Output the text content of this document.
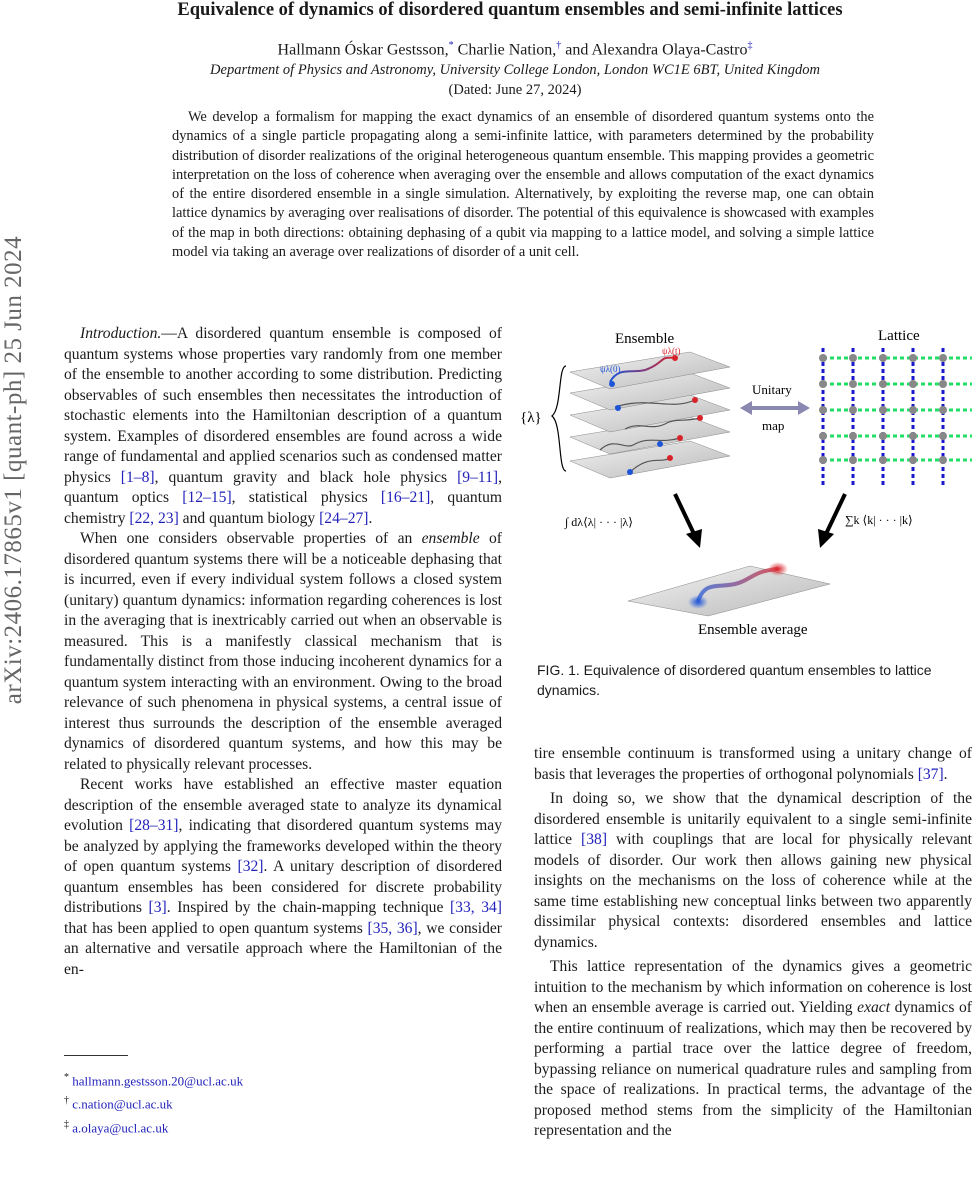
arXiv:2406.17865v1 [quant-ph] 25 Jun 2024
Equivalence of dynamics of disordered quantum ensembles and semi-infinite lattices
Hallmann Óskar Gestsson,* Charlie Nation,† and Alexandra Olaya-Castro‡
Department of Physics and Astronomy, University College London, London WC1E 6BT, United Kingdom
(Dated: June 27, 2024)
We develop a formalism for mapping the exact dynamics of an ensemble of disordered quantum systems onto the dynamics of a single particle propagating along a semi-infinite lattice, with parameters determined by the probability distribution of disorder realizations of the original heterogeneous quantum ensemble. This mapping provides a geometric interpretation on the loss of coherence when averaging over the ensemble and allows computation of the exact dynamics of the entire disordered ensemble in a single simulation. Alternatively, by exploiting the reverse map, one can obtain lattice dynamics by averaging over realisations of disorder. The potential of this equivalence is showcased with examples of the map in both directions: obtaining dephasing of a qubit via mapping to a lattice model, and solving a simple lattice model via taking an average over realizations of disorder of a unit cell.

Introduction.—A disordered quantum ensemble is composed of quantum systems whose properties vary randomly from one member of the ensemble to another according to some distribution. Predicting observables of such ensembles then necessitates the introduction of stochastic elements into the Hamiltonian description of a quantum system. Examples of disordered ensembles are found across a wide range of fundamental and applied scenarios such as condensed matter physics [1–8], quantum gravity and black hole physics [9–11], quantum optics [12–15], statistical physics [16–21], quantum chemistry [22, 23] and quantum biology [24–27].

When one considers observable properties of an ensemble of disordered quantum systems there will be a noticeable dephasing that is incurred, even if every individual system follows a closed system (unitary) quantum dynamics: information regarding coherences is lost in the averaging that is inextricably carried out when an observable is measured. This is a manifestly classical mechanism that is fundamentally distinct from those inducing incoherent dynamics for a quantum system interacting with an environment. Owing to the broad relevance of such phenomena in physical systems, a central issue of interest thus surrounds the description of the ensemble averaged dynamics of disordered quantum systems, and how this may be related to physically relevant processes.

Recent works have established an effective master equation description of the ensemble averaged state to analyze its dynamical evolution [28–31], indicating that disordered quantum systems may be analyzed by applying the frameworks developed within the theory of open quantum systems [32]. A unitary description of disordered quantum ensembles has been considered for discrete probability distributions [3]. Inspired by the chain-mapping technique [33, 34] that has been applied to open quantum systems [35, 36], we consider an alternative and versatile approach where the Hamiltonian of the en-

* hallmann.gestsson.20@ucl.ac.uk
† c.nation@ucl.ac.uk
‡ a.olaya@ucl.ac.uk
Ensemble	Lattice
ψλ(t)
ψλ(0)
{λ}
Unitary
map
∫ dλ⟨λ| · · · |λ⟩	∑k ⟨k| · · · |k⟩
Ensemble average
FIG. 1. Equivalence of disordered quantum ensembles to lattice dynamics.

tire ensemble continuum is transformed using a unitary change of basis that leverages the properties of orthogonal polynomials [37].

In doing so, we show that the dynamical description of the disordered ensemble is unitarily equivalent to a single semi-infinite lattice [38] with couplings that are local for physically relevant models of disorder. Our work then allows gaining new physical insights on the mechanisms on the loss of coherence while at the same time establishing new conceptual links between two apparently dissimilar physical contexts: disordered ensembles and lattice dynamics.

This lattice representation of the dynamics gives a geometric intuition to the mechanism by which information on coherence is lost when an ensemble average is carried out. Yielding exact dynamics of the entire continuum of realizations, which may then be recovered by performing a partial trace over the lattice degree of freedom, bypassing reliance on numerical quadrature rules and sampling from the space of realizations. In practical terms, the advantage of the proposed method stems from the simplicity of the Hamiltonian representation and the
